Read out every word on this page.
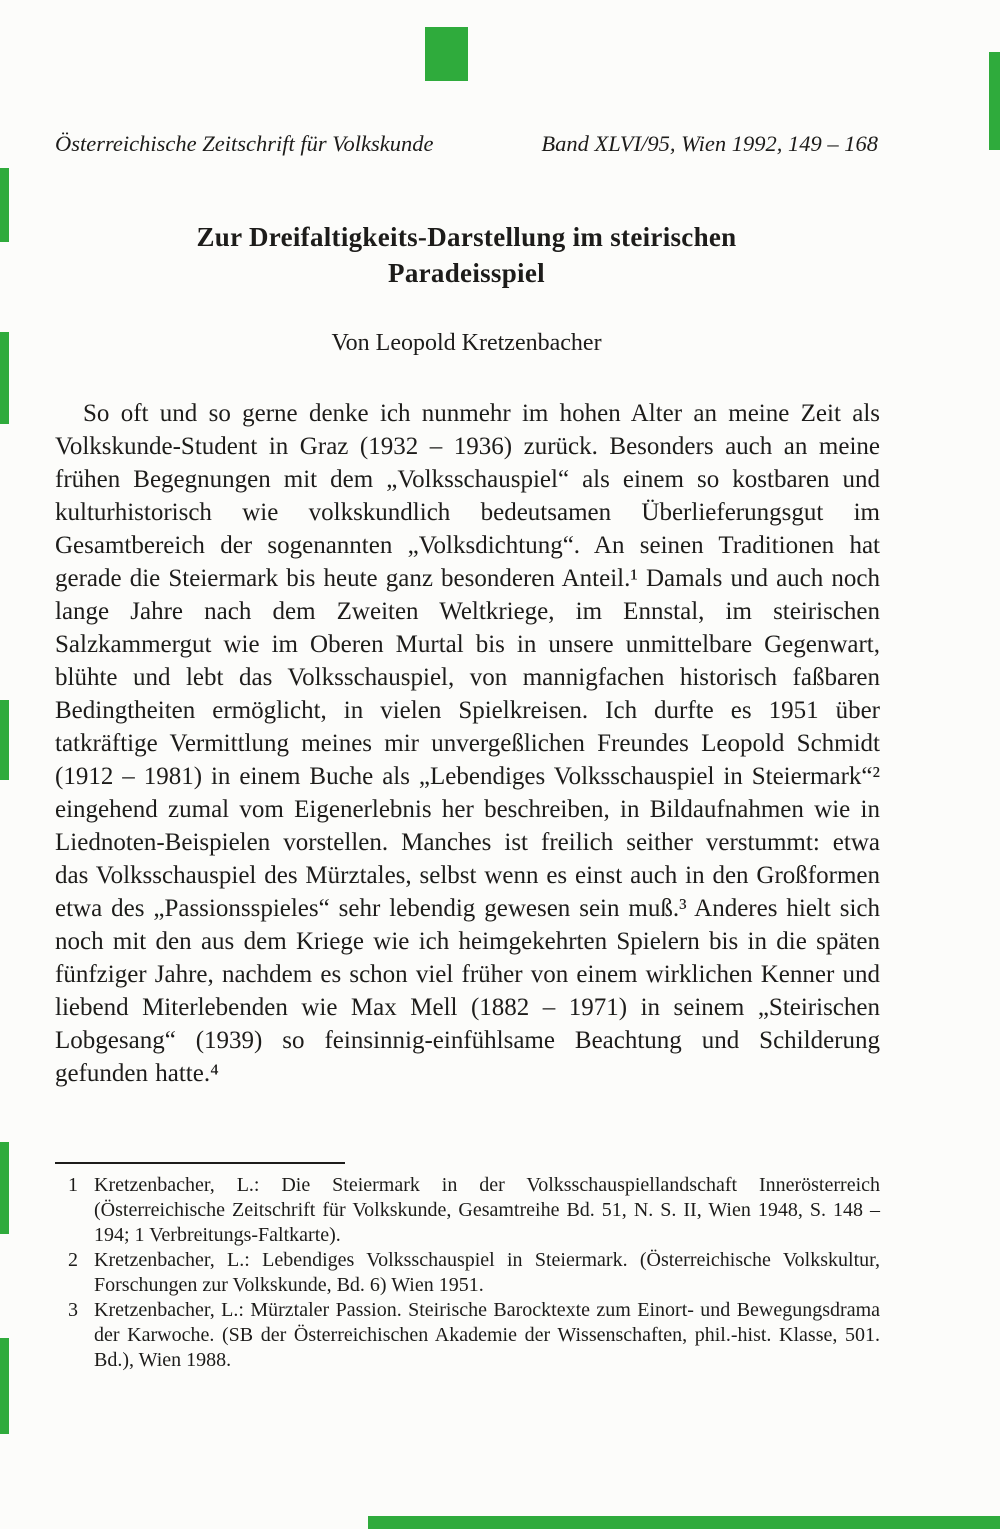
Österreichische Zeitschrift für Volkskunde	Band XLVI/95, Wien 1992, 149 – 168
Zur Dreifaltigkeits-Darstellung im steirischen
Paradeisspiel
Von Leopold Kretzenbacher

So oft und so gerne denke ich nunmehr im hohen Alter an meine Zeit als Volkskunde-Student in Graz (1932 – 1936) zurück. Besonders auch an meine frühen Begegnungen mit dem „Volksschauspiel“ als einem so kostbaren und kulturhistorisch wie volkskundlich bedeutsamen Überlieferungsgut im Gesamtbereich der sogenannten „Volksdichtung“. An seinen Traditionen hat gerade die Steiermark bis heute ganz besonderen Anteil.¹ Damals und auch noch lange Jahre nach dem Zweiten Weltkriege, im Ennstal, im steirischen Salzkammergut wie im Oberen Murtal bis in unsere unmittelbare Gegenwart, blühte und lebt das Volksschauspiel, von mannigfachen historisch faßbaren Bedingtheiten ermöglicht, in vielen Spielkreisen. Ich durfte es 1951 über tatkräftige Vermittlung meines mir unvergeßlichen Freundes Leopold Schmidt (1912 – 1981) in einem Buche als „Lebendiges Volksschauspiel in Steiermark“² eingehend zumal vom Eigenerlebnis her beschreiben, in Bildaufnahmen wie in Liednoten-Beispielen vorstellen. Manches ist freilich seither verstummt: etwa das Volksschauspiel des Mürztales, selbst wenn es einst auch in den Großformen etwa des „Passionsspieles“ sehr lebendig gewesen sein muß.³ Anderes hielt sich noch mit den aus dem Kriege wie ich heimgekehrten Spielern bis in die späten fünfziger Jahre, nachdem es schon viel früher von einem wirklichen Kenner und liebend Miterlebenden wie Max Mell (1882 – 1971) in seinem „Steirischen Lobgesang“ (1939) so feinsinnig-einfühlsame Beachtung und Schilderung gefunden hatte.⁴

1 Kretzenbacher, L.: Die Steiermark in der Volksschauspiellandschaft Innerösterreich (Österreichische Zeitschrift für Volkskunde, Gesamtreihe Bd. 51, N. S. II, Wien 1948, S. 148 – 194; 1 Verbreitungs-Faltkarte).
2 Kretzenbacher, L.: Lebendiges Volksschauspiel in Steiermark. (Österreichische Volkskultur, Forschungen zur Volkskunde, Bd. 6) Wien 1951.
3 Kretzenbacher, L.: Mürztaler Passion. Steirische Barocktexte zum Einort- und Bewegungsdrama der Karwoche. (SB der Österreichischen Akademie der Wissenschaften, phil.-hist. Klasse, 501. Bd.), Wien 1988.
